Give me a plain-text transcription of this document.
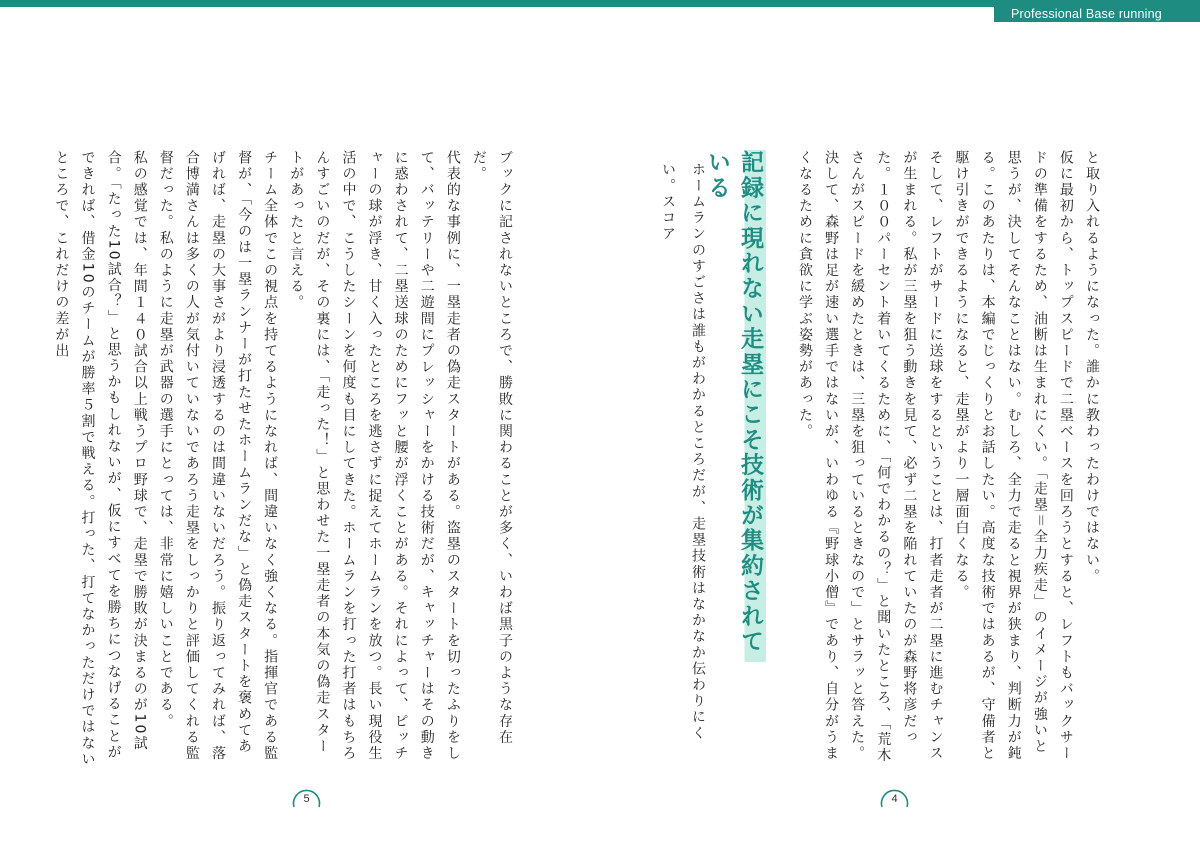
Professional Base running

と取り入れるようになった。誰かに教わったわけではない。

仮に最初から、トップスピードで二塁ベースを回ろうとすると、レフトもバックサードの準備をするため、油断は生まれにくい。「走塁＝全力疾走」のイメージが強いと思うが、決してそんなことはない。むしろ、全力で走ると視界が狭まり、判断力が鈍る。このあたりは、本編でじっくりとお話したい。高度な技術ではあるが、守備者と駆け引きができるようになると、走塁がより一層面白くなる。

そして、レフトがサードに送球をするということは、打者走者が二塁に進むチャンスが生まれる。私が三塁を狙う動きを見て、必ず二塁を陥れていたのが森野将彦だった。１００パーセント着いてくるために、「何でわかるの？」と聞いたところ、「荒木さんがスピードを緩めたときは、三塁を狙っているときなので」とサラッと答えた。決して、森野は足が速い選手ではないが、いわゆる『野球小僧』であり、自分がうまくなるために貪欲に学ぶ姿勢があった。

記録に現れない走塁にこそ技術が集約されている
ホームランのすごさは誰もがわかるところだが、走塁技術はなかなか伝わりにくい。スコア

ブックに記されないところで、勝敗に関わることが多く、いわば黒子のような存在だ。

代表的な事例に、一塁走者の偽走スタートがある。盗塁のスタートを切ったふりをして、バッテリーや二遊間にプレッシャーをかける技術だが、キャッチャーはその動きに惑わされて、二塁送球のためにフッと腰が浮くことがある。それによって、ピッチャーの球が浮き、甘く入ったところを逃さずに捉えてホームランを放つ。長い現役生活の中で、こうしたシーンを何度も目にしてきた。ホームランを打った打者はもちろんすごいのだが、その裏には、「走った！」と思わせた一塁走者の本気の偽走スタートがあったと言える。

チーム全体でこの視点を持てるようになれば、間違いなく強くなる。指揮官である監督が、「今のは一塁ランナーが打たせたホームランだな」と偽走スタートを褒めてあげれば、走塁の大事さがより浸透するのは間違いないだろう。振り返ってみれば、落合博満さんは多くの人が気付いていないであろう走塁をしっかりと評価してくれる監督だった。私のように走塁が武器の選手にとっては、非常に嬉しいことである。

私の感覚では、年間１４０試合以上戦うプロ野球で、走塁で勝敗が決まるのが10試合。「たった10試合？」と思うかもしれないが、仮にすべてを勝ちにつなげることができれば、借金10のチームが勝率５割で戦える。打った、打てなかっただけではないところで、これだけの差が出

5	4
